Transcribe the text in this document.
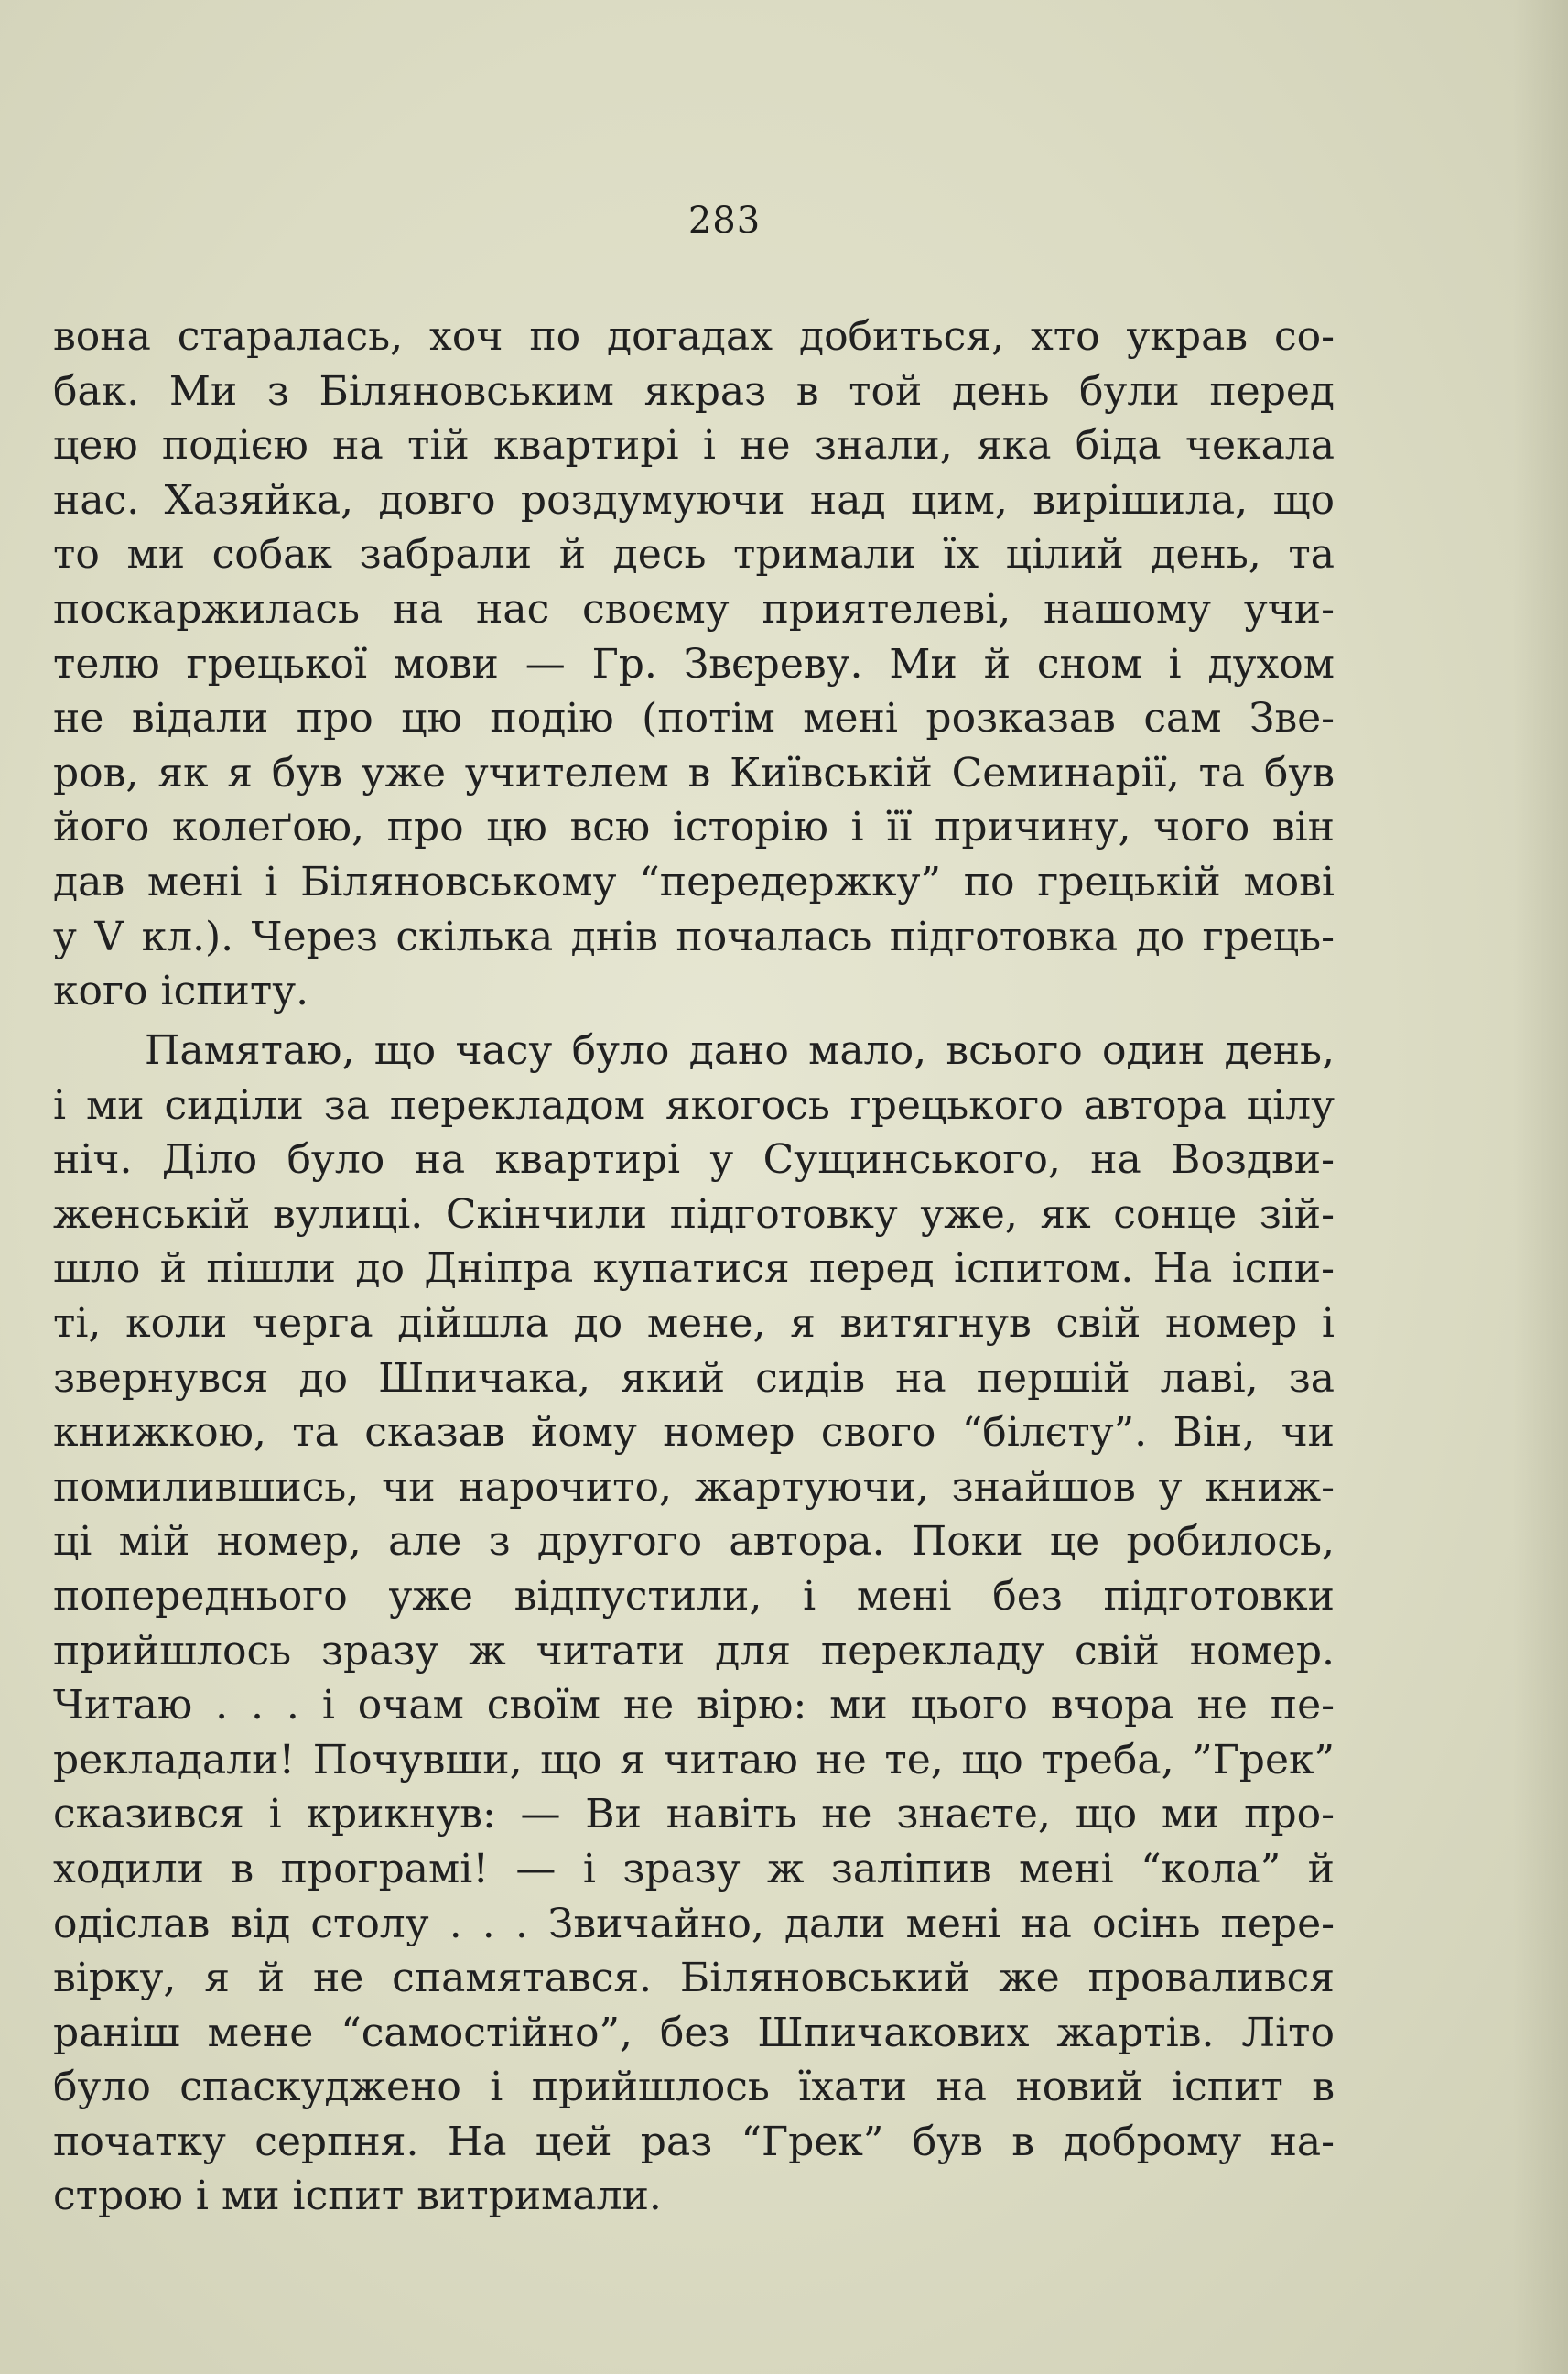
283
вона старалась, хоч по догадах добиться, хто украв со-
бак. Ми з Біляновським якраз в той день були перед
цею подією на тій квартирі і не знали, яка біда чекала
нас. Хазяйка, довго роздумуючи над цим, вирішила, що
то ми собак забрали й десь тримали їх цілий день, та
поскаржилась на нас своєму приятелеві, нашому учи-
телю грецької мови — Гр. Звєреву. Ми й сном і духом
не відали про цю подію (потім мені розказав сам Зве-
ров, як я був уже учителем в Київській Семинарії, та був
його колеґою, про цю всю історію і її причину, чого він
дав мені і Біляновському “передержку” по грецькій мові
у V кл.). Через скілька днів почалась підготовка до грець-
кого іспиту.
Памятаю, що часу було дано мало, всього один день,
і ми сиділи за перекладом якогось грецького автора цілу
ніч. Діло було на квартирі у Сущинського, на Воздви-
женській вулиці. Скінчили підготовку уже, як сонце зій-
шло й пішли до Дніпра купатися перед іспитом. На іспи-
ті, коли черга дійшла до мене, я витягнув свій номер і
звернувся до Шпичака, який сидів на першій лаві, за
книжкою, та сказав йому номер свого “білєту”. Він, чи
помилившись, чи нарочито, жартуючи, знайшов у книж-
ці мій номер, але з другого автора. Поки це робилось,
попереднього уже відпустили, і мені без підготовки
прийшлось зразу ж читати для перекладу свій номер.
Читаю . . . і очам своїм не вірю: ми цього вчора не пе-
рекладали! Почувши, що я читаю не те, що треба, ”Грек”
сказився і крикнув: — Ви навіть не знаєте, що ми про-
ходили в програмі! — і зразу ж заліпив мені “кола” й
одіслав від столу . . . Звичайно, дали мені на осінь пере-
вірку, я й не спамятався. Біляновський же провалився
раніш мене “самостійно”, без Шпичакових жартів. Літо
було спаскуджено і прийшлось їхати на новий іспит в
початку серпня. На цей раз “Грек” був в доброму на-
строю і ми іспит витримали.
